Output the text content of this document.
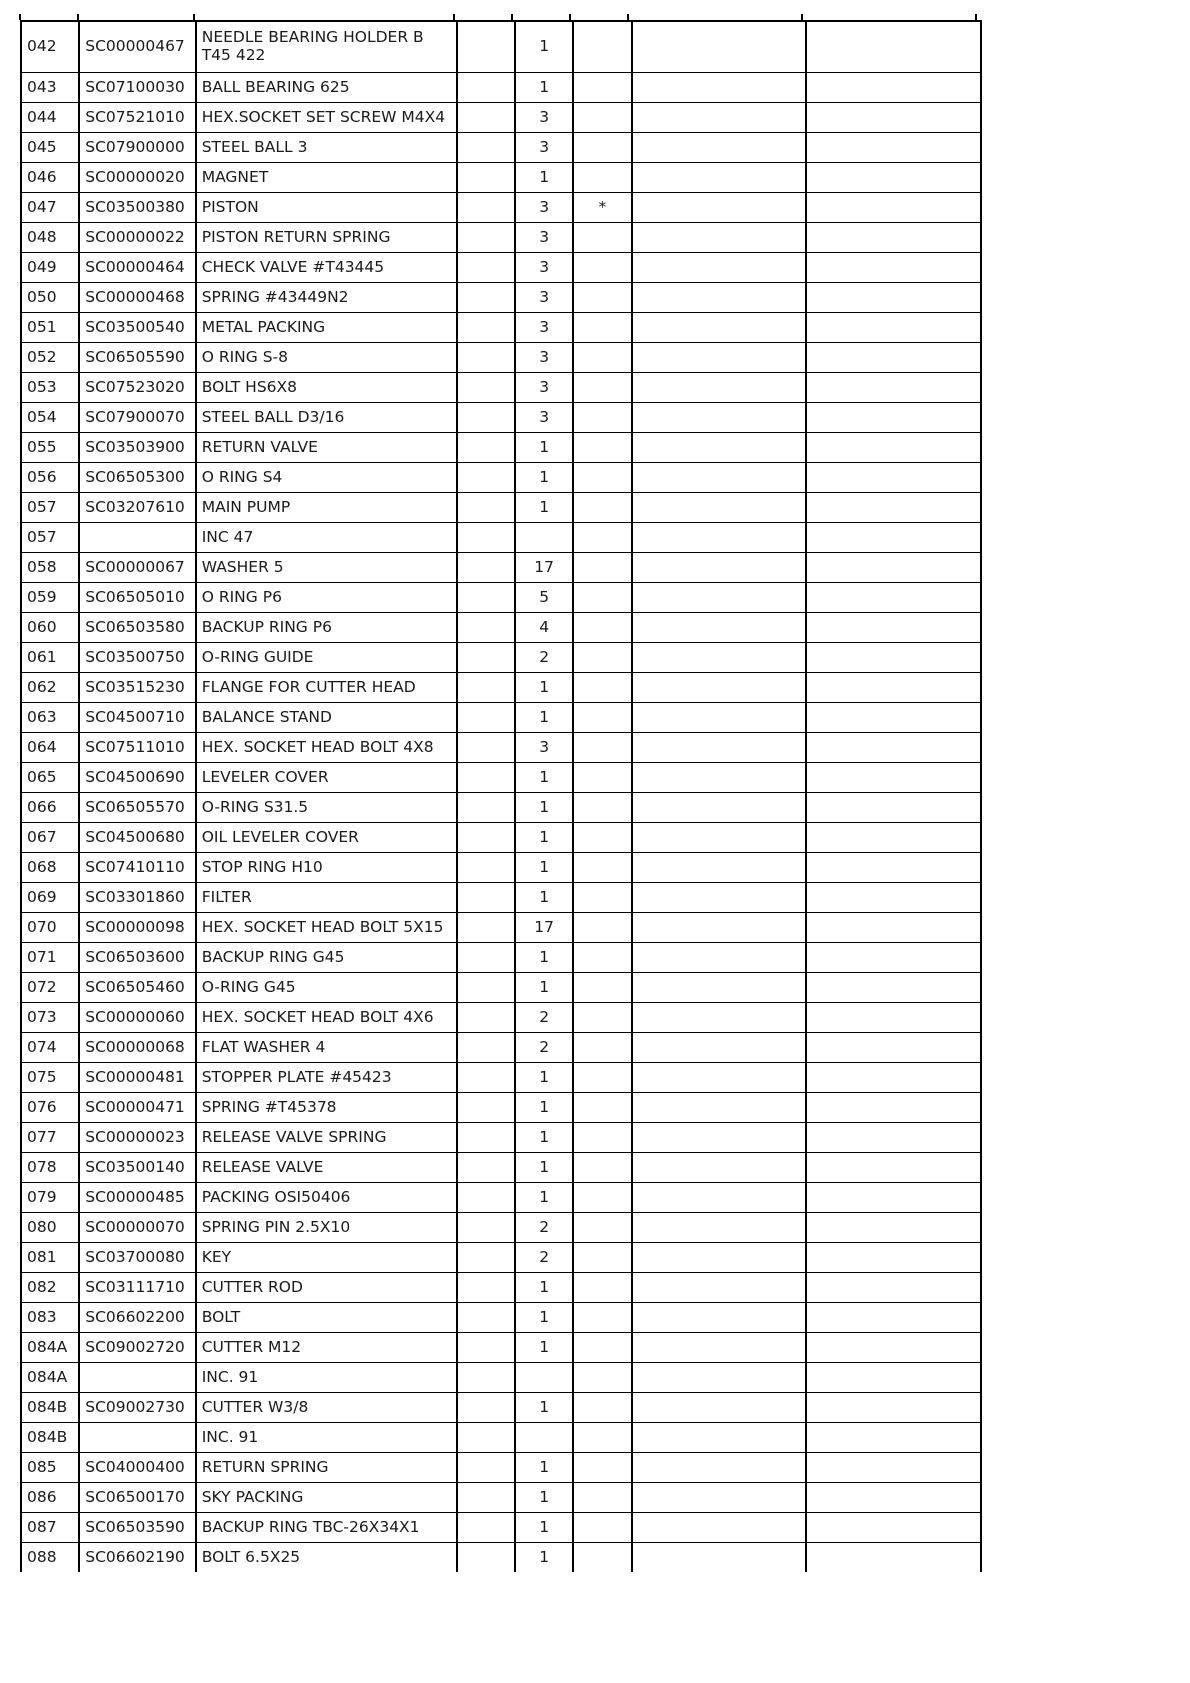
042	SC00000467	NEEDLE BEARING HOLDER B T45 422		1			
043	SC07100030	BALL BEARING 625		1			
044	SC07521010	HEX.SOCKET SET SCREW M4X4		3			
045	SC07900000	STEEL BALL 3		3			
046	SC00000020	MAGNET		1			
047	SC03500380	PISTON		3	*		
048	SC00000022	PISTON RETURN SPRING		3			
049	SC00000464	CHECK VALVE #T43445		3			
050	SC00000468	SPRING #43449N2		3			
051	SC03500540	METAL PACKING		3			
052	SC06505590	O RING S-8		3			
053	SC07523020	BOLT HS6X8		3			
054	SC07900070	STEEL BALL D3/16		3			
055	SC03503900	RETURN VALVE		1			
056	SC06505300	O RING S4		1			
057	SC03207610	MAIN PUMP		1			
057		INC 47					
058	SC00000067	WASHER 5		17			
059	SC06505010	O RING P6		5			
060	SC06503580	BACKUP RING P6		4			
061	SC03500750	O-RING GUIDE		2			
062	SC03515230	FLANGE FOR CUTTER HEAD		1			
063	SC04500710	BALANCE STAND		1			
064	SC07511010	HEX. SOCKET HEAD BOLT 4X8		3			
065	SC04500690	LEVELER COVER		1			
066	SC06505570	O-RING S31.5		1			
067	SC04500680	OIL LEVELER COVER		1			
068	SC07410110	STOP RING H10		1			
069	SC03301860	FILTER		1			
070	SC00000098	HEX. SOCKET HEAD BOLT 5X15		17			
071	SC06503600	BACKUP RING G45		1			
072	SC06505460	O-RING G45		1			
073	SC00000060	HEX. SOCKET HEAD BOLT 4X6		2			
074	SC00000068	FLAT WASHER 4		2			
075	SC00000481	STOPPER PLATE #45423		1			
076	SC00000471	SPRING #T45378		1			
077	SC00000023	RELEASE VALVE SPRING		1			
078	SC03500140	RELEASE VALVE		1			
079	SC00000485	PACKING OSI50406		1			
080	SC00000070	SPRING PIN 2.5X10		2			
081	SC03700080	KEY		2			
082	SC03111710	CUTTER ROD		1			
083	SC06602200	BOLT		1			
084A	SC09002720	CUTTER M12		1			
084A		INC. 91					
084B	SC09002730	CUTTER W3/8		1			
084B		INC. 91					
085	SC04000400	RETURN SPRING		1			
086	SC06500170	SKY PACKING		1			
087	SC06503590	BACKUP RING TBC-26X34X1		1			
088	SC06602190	BOLT 6.5X25		1			
